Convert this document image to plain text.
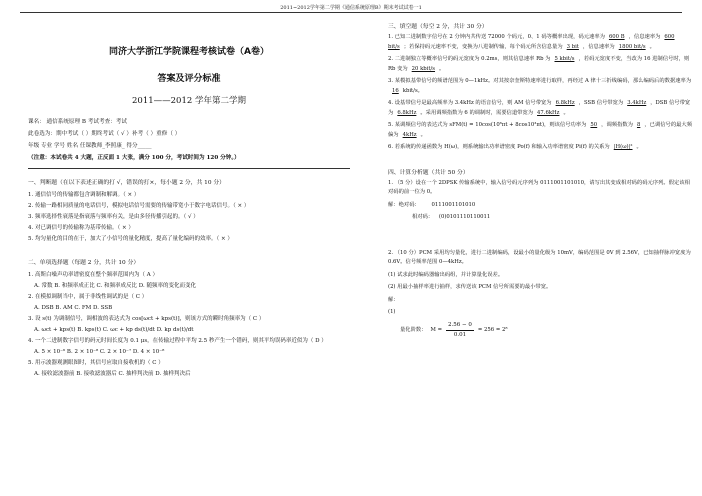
2011~2012学年第二学期《通信系统原理B》期末考试试卷一1
同济大学浙江学院课程考核试卷（A卷）
答案及评分标准
2011——2012 学年第二学期
课名： 通信系统原理 B 考试考查：考试
此卷选为：期中考试（ ）期终考试（ √ ）补考（ ）重修（ ）
年级 专业 学号 姓名 任课教师_李照康_ 得分_____
（注意：本试卷共 4 大题，正反面 1 大张，满分 100 分，考试时间为 120 分钟。）
一、判断题（在以下表述正确的打 √，错误的打×，每小题 2 分，共 10 分）
1. 通信信号的传输都包含调制和解调。（ × ）
2. 传输一路相同质量的电话信号，模拟电话信号需要的传输带宽小于数字电话信号。（ × ）
3. 频率选择性衰落是指衰落与频率有关，是由多径传播引起的。（ √ ）
4. 对已调信号的传输称为基带传输。（ × ）
5. 均匀量化的目的在于，加大了小信号的量化精度，提高了量化编码的效率。（ × ）
二、单项选择题（每题 2 分，共计 10 分）
1. 高斯白噪声功率谱密度在整个频率范围内为（ A ）
A. 常数 B. 和频率成正比 C. 和频率成反比 D. 随频率的变化而变化
2. 在模拟调制当中，属于非线性调试的是（ C ）
A. DSB B. AM C. FM D. SSB
3. 设 s(t) 为调制信号，调相波的表达式为 cos[ωct + kps(t)]，则该方式的瞬时角频率为（ C ）
A. ωct + kps(t) B. kps(t) C. ωc + kp ds(t)/dt D. kp ds(t)/dt
4. 一个二进制数字信号的码元时间长度为 0.1 μs，在传输过程中平均 2.5 秒产生一个错码，则其平均误码率近似为（ D ）
A. 5 × 10⁻⁶ B. 2 × 10⁻⁸ C. 2 × 10⁻⁷ D. 4 × 10⁻⁸
5. 用示波器观测眼图时，其信号应取自接收机的（ C ）
A. 接收滤波器前 B. 接收滤波器后 C. 抽样判决前 D. 抽样判决后
三、填空题（每空 2 分，共计 30 分）
1. 已知二进制数字信号在 2 分钟内共传送 72000 个码元，0、1 码等概率出现，码元速率为 600 B ，信息速率为 600 bit/s ；若保持码元速率不变，变换为八进制传输，每个码元所含信息量为 3 bit ，信息速率为 1800 bit/s 。
2. 二进制独立等概率信号的码元宽度为 0.2ms，则其信息速率 Rb 为 5 kbit/s ，若码元宽度不变，当改为 16 进制信号时，则 Rb 变为 20 kbit/s 。
3. 某模拟基带信号的频谱范围为 0—1kHz。对其按奈奎斯特速率进行取样，再经过 A 律十三折线编码，那么编码后的数据速率为16 kbit/s。
4. 设基带信号是最高频率为 3.4kHz 的语音信号，则 AM 信号带宽为 6.8kHz ，SSB 信号带宽为 3.4kHz ，DSB 信号带宽为 6.8kHz 。采用调频指数为 6 的调制时，需要信道带宽为 47.6kHz 。
5. 某调频信号的表达式为 sFM(t) = 10cos(10⁶πt + 8cos10³πt)，则该信号功率为 50 ，调频指数为 8 ，已调信号的最大频偏为 4kHz 。
6. 若系统的传递函数为 H(ω)，则系统输出功率谱密度 Po(f) 和输入功率谱密度 Pi(f) 的关系为 |H(ω)|² 。
四、计算分析题（共计 50 分）
1. （5 分）设在一个 2DPSK 传输系统中，输入信号码元序列为 0111001101010，请写出其变成相对码的码元序列。假定该相对码的前一位为 0。
解：绝对码： 0111001101010
相对码： (0)0101110110011
2. （10 分）PCM 采用均匀量化，进行二进制编码，设最小的量化级为 10mV，编码范围是 0V 到 2.56V，已知抽样脉冲宽度为 0.6V。信号频率范围 0—4kHz。
(1) 试求此时编码器输出码组，并计算量化误差。
(2) 用最小抽样率进行抽样，求传送该 PCM 信号所需要的最小带宽。
解：
(1)
量化阶数： $M = \frac{2.56 - 0}{0.01} = 256 = 2^8$
